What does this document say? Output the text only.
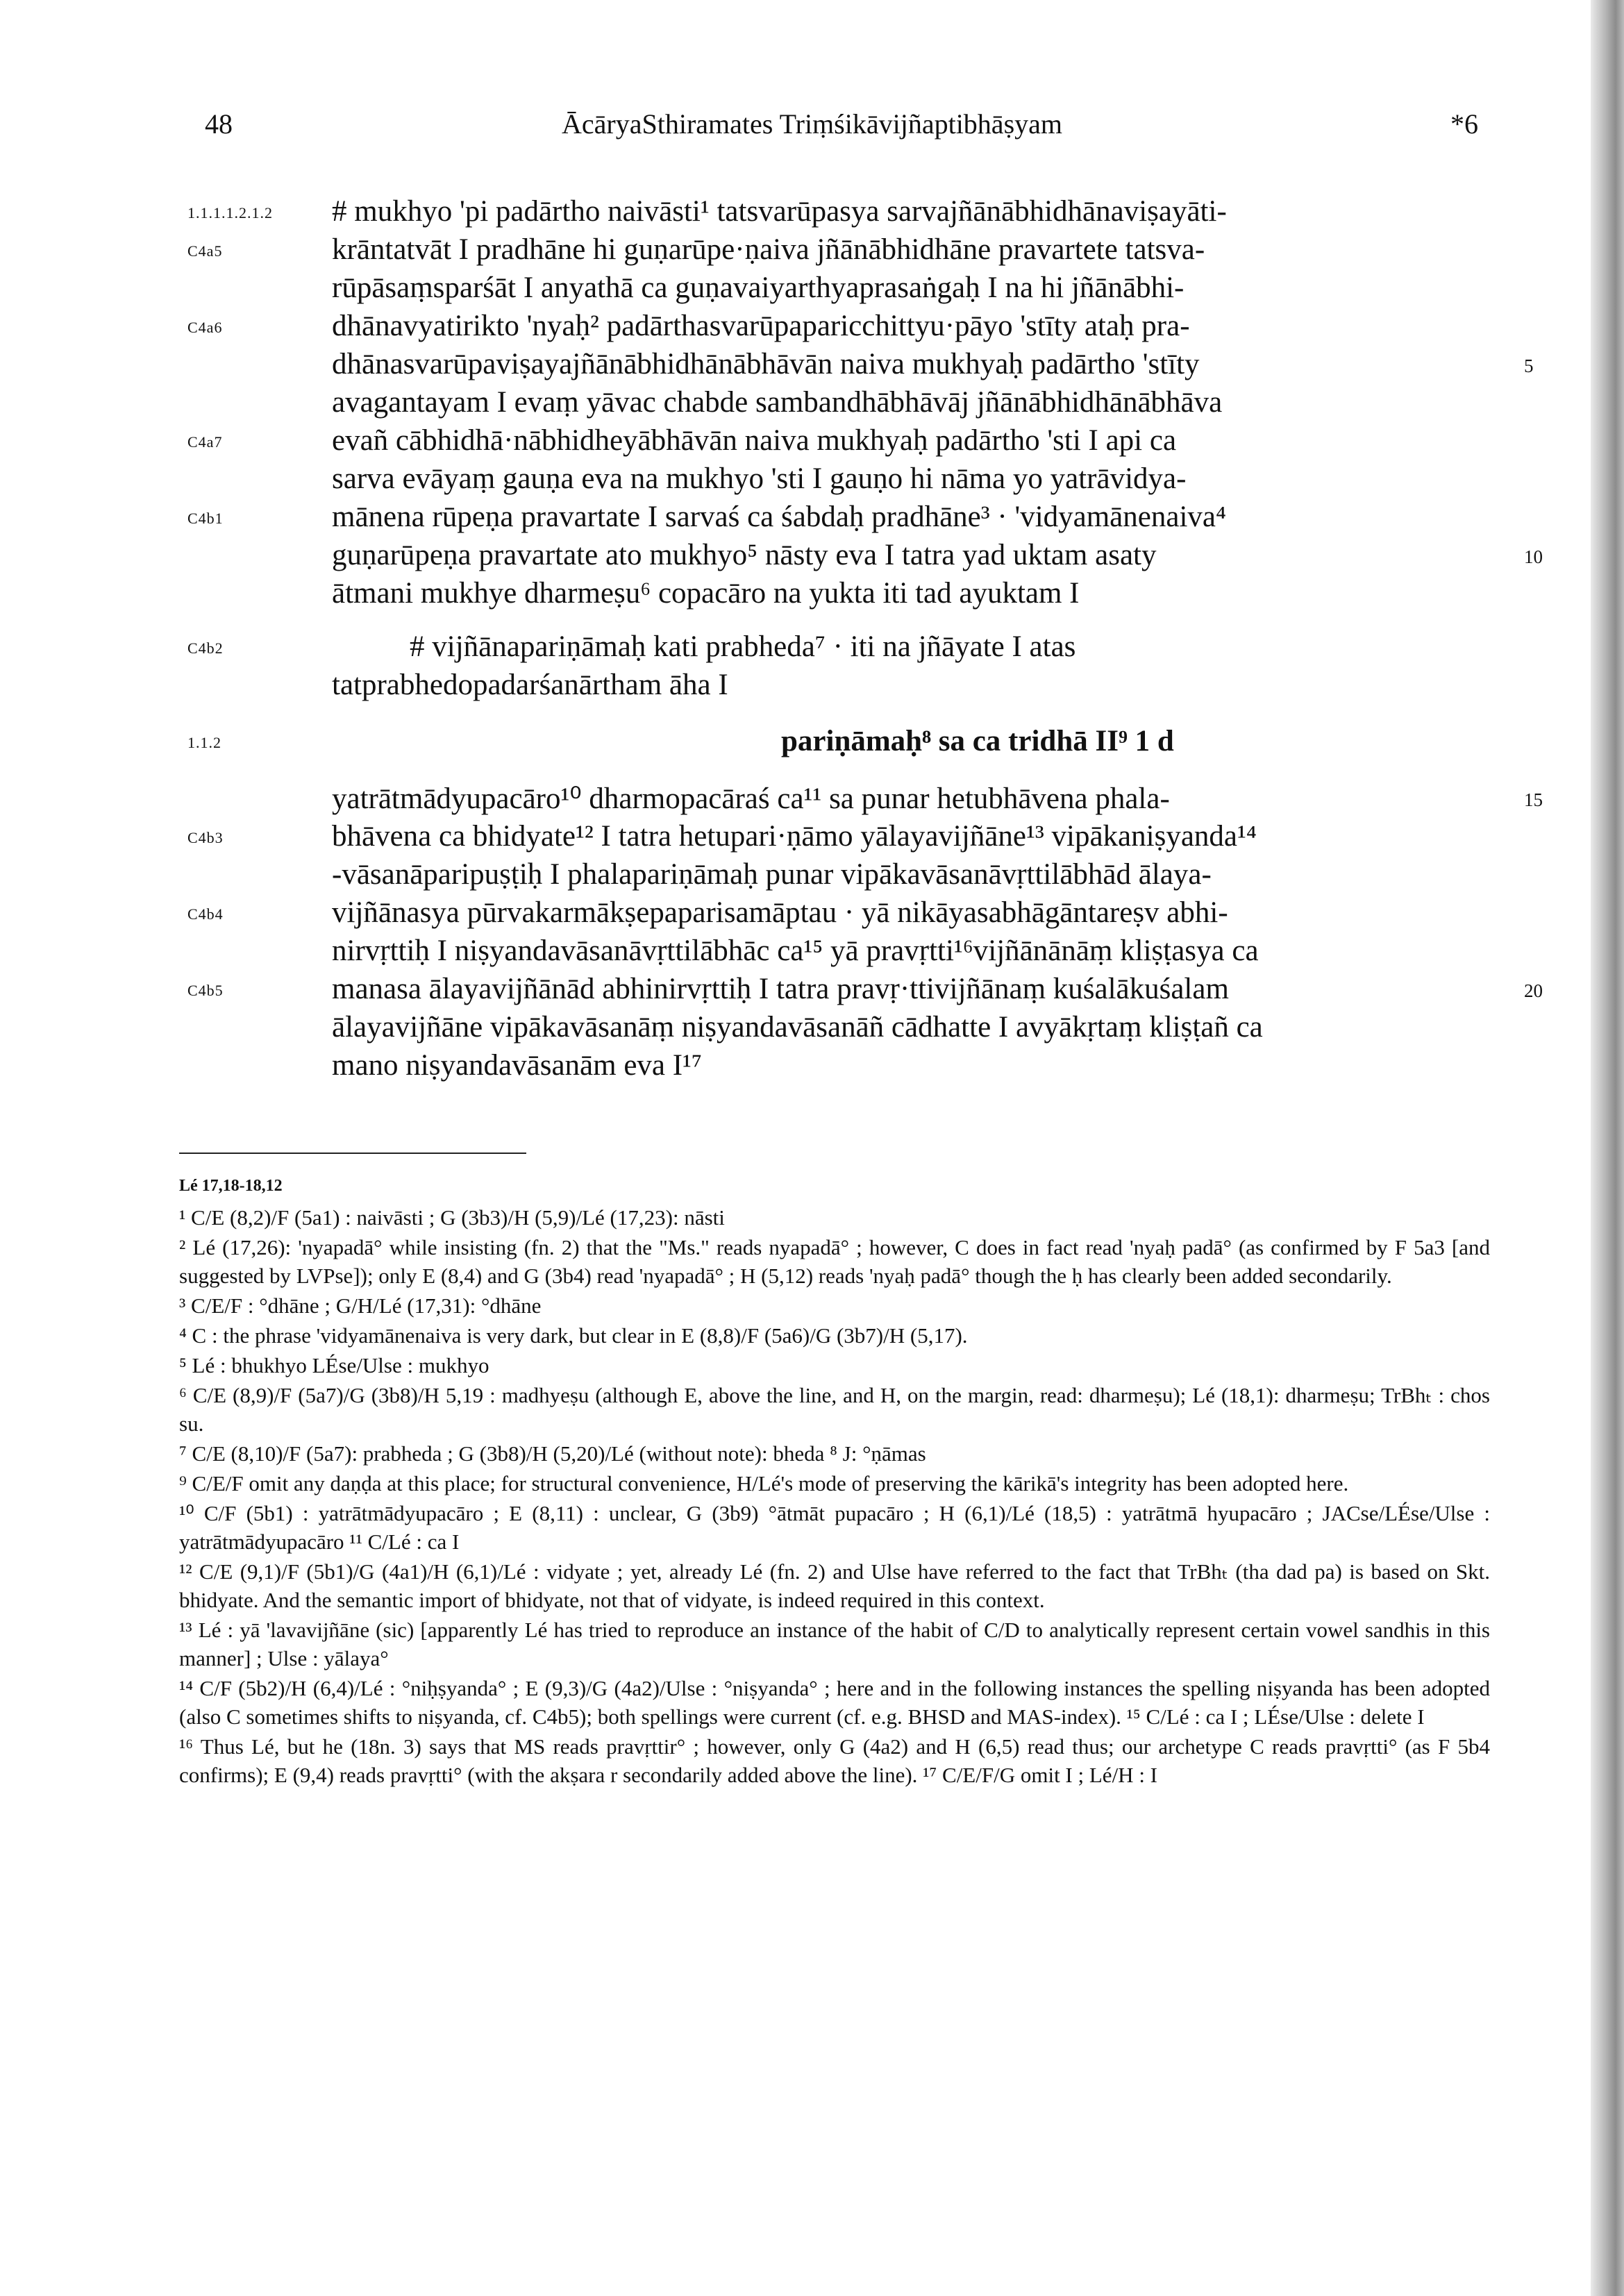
48	ĀcāryaSthiramates Triṃśikāvijñaptibhāṣyam	*6
1.1.1.1.2.1.2 # mukhyo 'pi padārtho naivāsti¹ tatsvarūpasya sarvajñānābhidhānaviṣayāti-
C4a5	krāntatvāt I pradhāne hi guṇarūpe·ṇaiva jñānābhidhāne pravartete tatsva-
rūpāsaṃsparśāt I anyathā ca guṇavaiyarthyaprasaṅgaḥ I na hi jñānābhi-
C4a6	dhānavyatirikto 'nyaḥ² padārthasvarūpaparicchittyu·pāyo 'stīty ataḥ pra-
dhānasvarūpaviṣayajñānābhidhānābhāvān naiva mukhyaḥ padārtho 'stīty	5
avagantayam I evaṃ yāvac chabde sambandhābhāvāj jñānābhidhānābhāva
C4a7	evañ cābhidhā·nābhidheyābhāvān naiva mukhyaḥ padārtho 'sti I api ca
sarva evāyaṃ gauṇa eva na mukhyo 'sti I gauṇo hi nāma yo yatrāvidya-
C4b1	mānena rūpeṇa pravartate I sarvaś ca śabdaḥ pradhāne³ · 'vidyamānenaiva⁴
guṇarūpeṇa pravartate ato mukhyo⁵ nāsty eva I tatra yad uktam asaty	10
ātmani mukhye dharmeṣu⁶ copacāro na yukta iti tad ayuktam I
C4b2	# vijñānapariṇāmaḥ kati prabheda⁷ · iti na jñāyate I atas
tatprabhedopadarśanārtham āha I
1.1.2	pariṇāmaḥ⁸ sa ca tridhā II⁹ 1 d
yatrātmādyupacāro¹⁰ dharmopacāraś ca¹¹ sa punar hetubhāvena phala-	15
C4b3	bhāvena ca bhidyate¹² I tatra hetupari·ṇāmo yālayavijñāne¹³ vipākaniṣyanda¹⁴
-vāsanāparipuṣṭiḥ I phalapariṇāmaḥ punar vipākavāsanāvṛttilābhād ālaya-
C4b4	vijñānasya pūrvakarmākṣepaparisamāptau · yā nikāyasabhāgāntareṣv abhi-
nirvṛttiḥ I niṣyandavāsanāvṛttilābhāc ca¹⁵ yā pravṛtti¹⁶vijñānānāṃ kliṣṭasya ca
C4b5	manasa ālayavijñānād abhinirvṛttiḥ I tatra pravṛ·ttivijñānaṃ kuśalākuśalam	20
ālayavijñāne vipākavāsanāṃ niṣyandavāsanāñ cādhatte I avyākṛtaṃ kliṣṭañ ca
mano niṣyandavāsanām eva I¹⁷

Lé 17,18-18,12

¹ C/E (8,2)/F (5a1) : naivāsti ; G (3b3)/H (5,9)/Lé (17,23): nāsti

² Lé (17,26): 'nyapadā° while insisting (fn. 2) that the "Ms." reads nyapadā° ; however, C does in fact read 'nyaḥ padā° (as confirmed by F 5a3 [and suggested by LVPse]); only E (8,4) and G (3b4) read 'nyapadā° ; H (5,12) reads 'nyaḥ padā° though the ḥ has clearly been added secondarily.

³ C/E/F : °dhāne ; G/H/Lé (17,31): °dhāne

⁴ C : the phrase 'vidyamānenaiva is very dark, but clear in E (8,8)/F (5a6)/G (3b7)/H (5,17).

⁵ Lé : bhukhyo LÉse/Ulse : mukhyo

⁶ C/E (8,9)/F (5a7)/G (3b8)/H 5,19 : madhyeṣu (although E, above the line, and H, on the margin, read: dharmeṣu); Lé (18,1): dharmeṣu; TrBhₜ : chos su.

⁷ C/E (8,10)/F (5a7): prabheda ; G (3b8)/H (5,20)/Lé (without note): bheda ⁸ J: °ṇāmas

⁹ C/E/F omit any daṇḍa at this place; for structural convenience, H/Lé's mode of preserving the kārikā's integrity has been adopted here.

¹⁰ C/F (5b1) : yatrātmādyupacāro ; E (8,11) : unclear, G (3b9) °ātmāt pupacāro ; H (6,1)/Lé (18,5) : yatrātmā hyupacāro ; JACse/LÉse/Ulse : yatrātmādyupacāro ¹¹ C/Lé : ca I

¹² C/E (9,1)/F (5b1)/G (4a1)/H (6,1)/Lé : vidyate ; yet, already Lé (fn. 2) and Ulse have referred to the fact that TrBhₜ (tha dad pa) is based on Skt. bhidyate. And the semantic import of bhidyate, not that of vidyate, is indeed required in this context.

¹³ Lé : yā 'lavavijñāne (sic) [apparently Lé has tried to reproduce an instance of the habit of C/D to analytically represent certain vowel sandhis in this manner] ; Ulse : yālaya°

¹⁴ C/F (5b2)/H (6,4)/Lé : °niḥṣyanda° ; E (9,3)/G (4a2)/Ulse : °niṣyanda° ; here and in the following instances the spelling niṣyanda has been adopted (also C sometimes shifts to niṣyanda, cf. C4b5); both spellings were current (cf. e.g. BHSD and MAS-index). ¹⁵ C/Lé : ca I ; LÉse/Ulse : delete I

¹⁶ Thus Lé, but he (18n. 3) says that MS reads pravṛttir° ; however, only G (4a2) and H (6,5) read thus; our archetype C reads pravṛtti° (as F 5b4 confirms); E (9,4) reads pravṛtti° (with the akṣara r secondarily added above the line). ¹⁷ C/E/F/G omit I ; Lé/H : I
